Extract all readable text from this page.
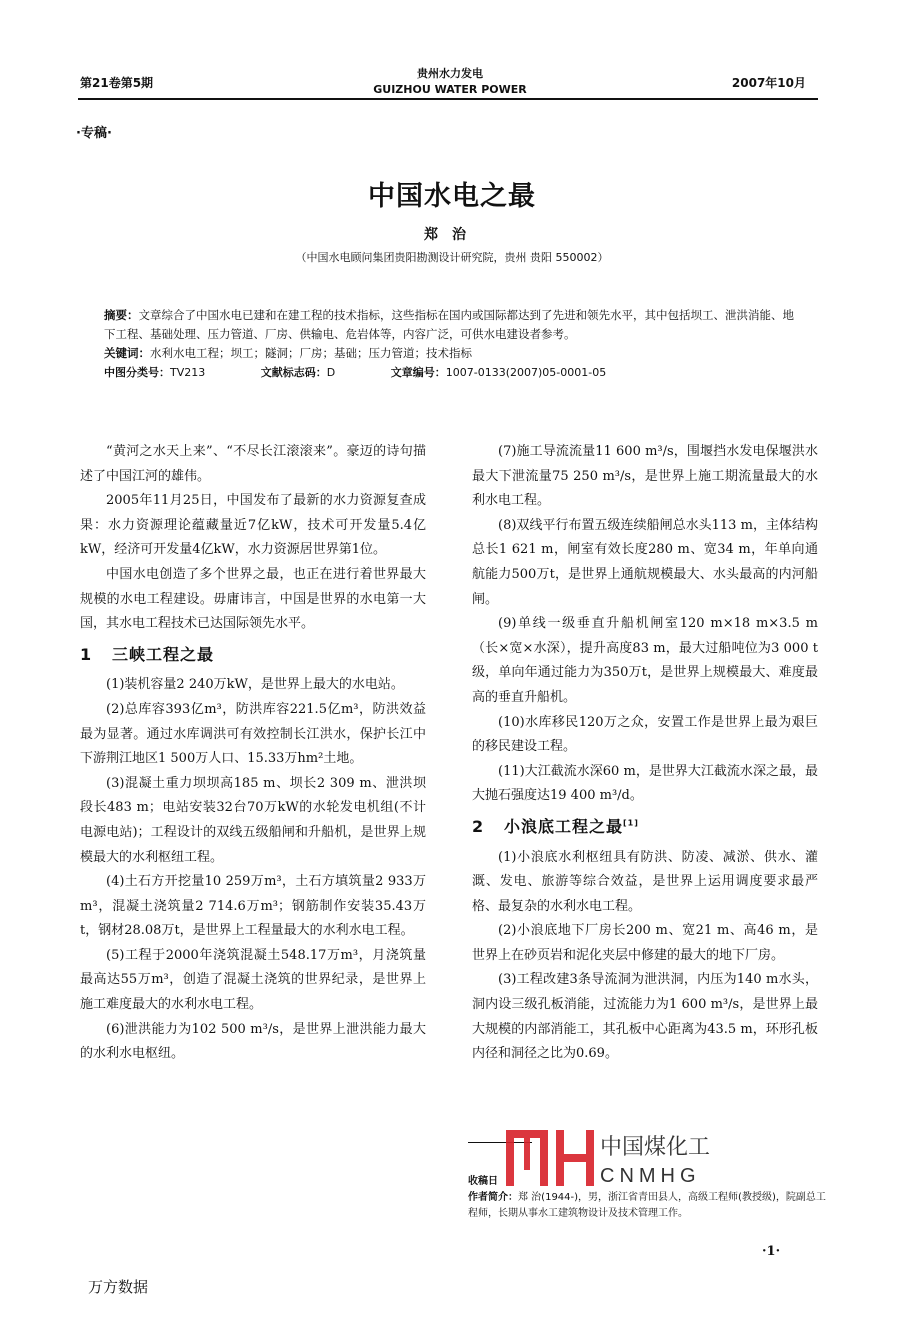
第21卷第5期
贵州水力发电
GUIZHOU WATER POWER	2007年10月
·专稿·
中国水电之最
郑治
（中国水电顾问集团贵阳勘测设计研究院，贵州 贵阳 550002）
摘要：文章综合了中国水电已建和在建工程的技术指标，这些指标在国内或国际都达到了先进和领先水平，其中包括坝工、泄洪消能、地下工程、基础处理、压力管道、厂房、供输电、危岩体等，内容广泛，可供水电建设者参考。
关键词：水利水电工程；坝工；隧洞；厂房；基础；压力管道；技术指标
中图分类号：TV213	文献标志码：D	文章编号：1007-0133(2007)05-0001-05

“黄河之水天上来”、“不尽长江滚滚来”。豪迈的诗句描述了中国江河的雄伟。

2005年11月25日，中国发布了最新的水力资源复查成果：水力资源理论蕴藏量近7亿kW，技术可开发量5.4亿kW，经济可开发量4亿kW，水力资源居世界第1位。

中国水电创造了多个世界之最，也正在进行着世界最大规模的水电工程建设。毋庸讳言，中国是世界的水电第一大国，其水电工程技术已达国际领先水平。

1 三峡工程之最

(1)装机容量2 240万kW，是世界上最大的水电站。

(2)总库容393亿m³，防洪库容221.5亿m³，防洪效益最为显著。通过水库调洪可有效控制长江洪水，保护长江中下游荆江地区1 500万人口、15.33万hm²土地。

(3)混凝土重力坝坝高185 m、坝长2 309 m、泄洪坝段长483 m；电站安装32台70万kW的水轮发电机组(不计电源电站)；工程设计的双线五级船闸和升船机，是世界上规模最大的水利枢纽工程。

(4)土石方开挖量10 259万m³，土石方填筑量2 933万m³，混凝土浇筑量2 714.6万m³；钢筋制作安装35.43万t，钢材28.08万t，是世界上工程量最大的水利水电工程。

(5)工程于2000年浇筑混凝土548.17万m³，月浇筑量最高达55万m³，创造了混凝土浇筑的世界纪录，是世界上施工难度最大的水利水电工程。

(6)泄洪能力为102 500 m³/s，是世界上泄洪能力最大的水利水电枢纽。

(7)施工导流流量11 600 m³/s，围堰挡水发电保堰洪水最大下泄流量75 250 m³/s，是世界上施工期流量最大的水利水电工程。

(8)双线平行布置五级连续船闸总水头113 m，主体结构总长1 621 m，闸室有效长度280 m、宽34 m，年单向通航能力500万t，是世界上通航规模最大、水头最高的内河船闸。

(9)单线一级垂直升船机闸室120 m×18 m×3.5 m（长×宽×水深），提升高度83 m，最大过船吨位为3 000 t级，单向年通过能力为350万t，是世界上规模最大、难度最高的垂直升船机。

(10)水库移民120万之众，安置工作是世界上最为艰巨的移民建设工程。

(11)大江截流水深60 m，是世界大江截流水深之最，最大抛石强度达19 400 m³/d。

2 小浪底工程之最[1]

(1)小浪底水利枢纽具有防洪、防凌、减淤、供水、灌溉、发电、旅游等综合效益，是世界上运用调度要求最严格、最复杂的水利水电工程。

(2)小浪底地下厂房长200 m、宽21 m、高46 m，是世界上在砂页岩和泥化夹层中修建的最大的地下厂房。

(3)工程改建3条导流洞为泄洪洞，内压为140 m水头，洞内设三级孔板消能，过流能力为1 600 m³/s，是世界上最大规模的内部消能工，其孔板中心距离为43.5 m，环形孔板内径和洞径之比为0.69。

收稿日
作者简介：郑 治(1944-)，男，浙江省青田县人，高级工程师(教授级)，院副总工程师，长期从事水工建筑物设计及技术管理工作。
中国煤化工
CNMHG
·1·
万方数据
